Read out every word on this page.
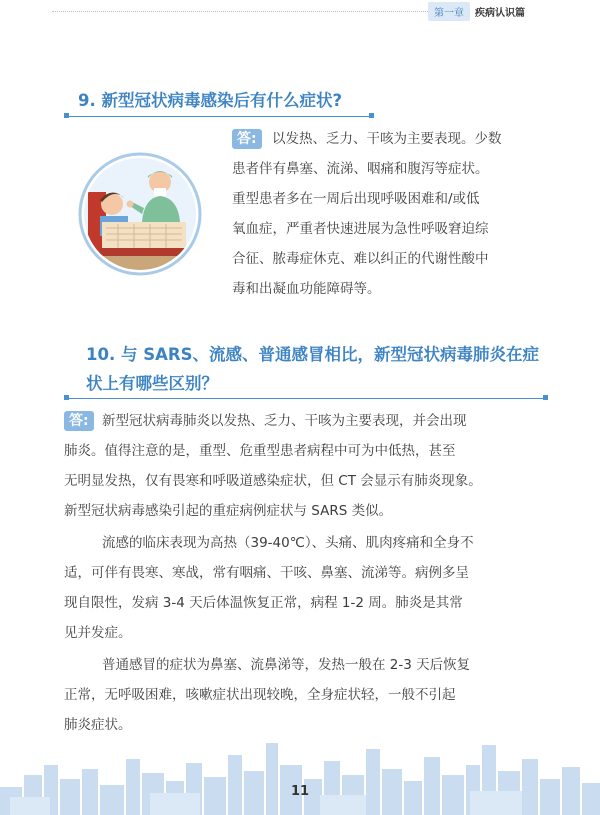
第一章	疾病认识篇
9. 新型冠状病毒感染后有什么症状?
答:	以发热、乏力、干咳为主要表现。少数
患者伴有鼻塞、流涕、咽痛和腹泻等症状。
重型患者多在一周后出现呼吸困难和/或低
氧血症，严重者快速进展为急性呼吸窘迫综
合征、脓毒症休克、难以纠正的代谢性酸中
毒和出凝血功能障碍等。
10. 与 SARS、流感、普通感冒相比，新型冠状病毒肺炎在症
状上有哪些区别？
答: 新型冠状病毒肺炎以发热、乏力、干咳为主要表现，并会出现
肺炎。值得注意的是，重型、危重型患者病程中可为中低热，甚至
无明显发热，仅有畏寒和呼吸道感染症状，但 CT 会显示有肺炎现象。
新型冠状病毒感染引起的重症病例症状与 SARS 类似。
流感的临床表现为高热（39-40℃）、头痛、肌肉疼痛和全身不
适，可伴有畏寒、寒战，常有咽痛、干咳、鼻塞、流涕等。病例多呈
现自限性，发病 3-4 天后体温恢复正常，病程 1-2 周。肺炎是其常
见并发症。
普通感冒的症状为鼻塞、流鼻涕等，发热一般在 2-3 天后恢复
正常，无呼吸困难，咳嗽症状出现较晚，全身症状轻，一般不引起
肺炎症状。
11
